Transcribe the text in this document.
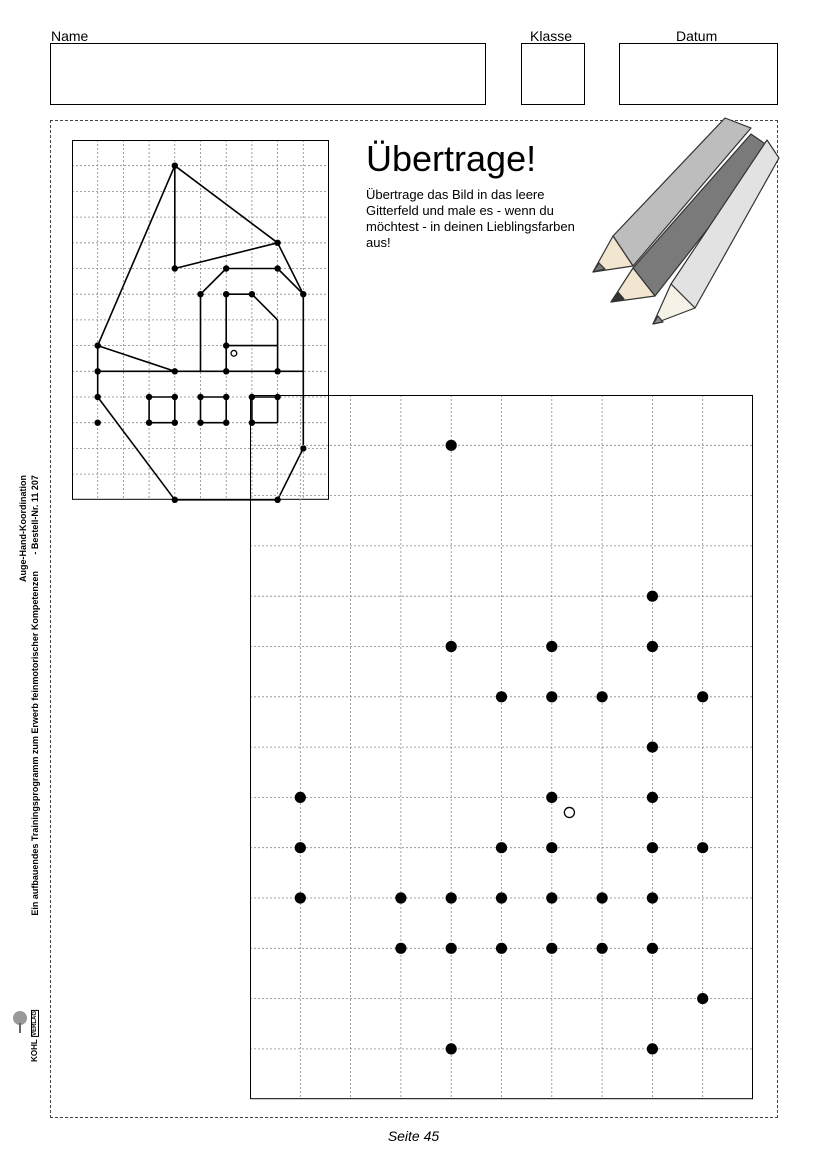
Name	Klasse	Datum
Übertrage!
Übertrage das Bild in das leere Gitterfeld und male es - wenn du möchtest - in deinen Lieblingsfarben aus!
Auge-Hand-Koordination
Ein aufbauendes Trainingsprogramm zum Erwerb feinmotorischer Kompetenzen - Bestell-Nr. 11 207
KOHL VERLAG
Seite 45
